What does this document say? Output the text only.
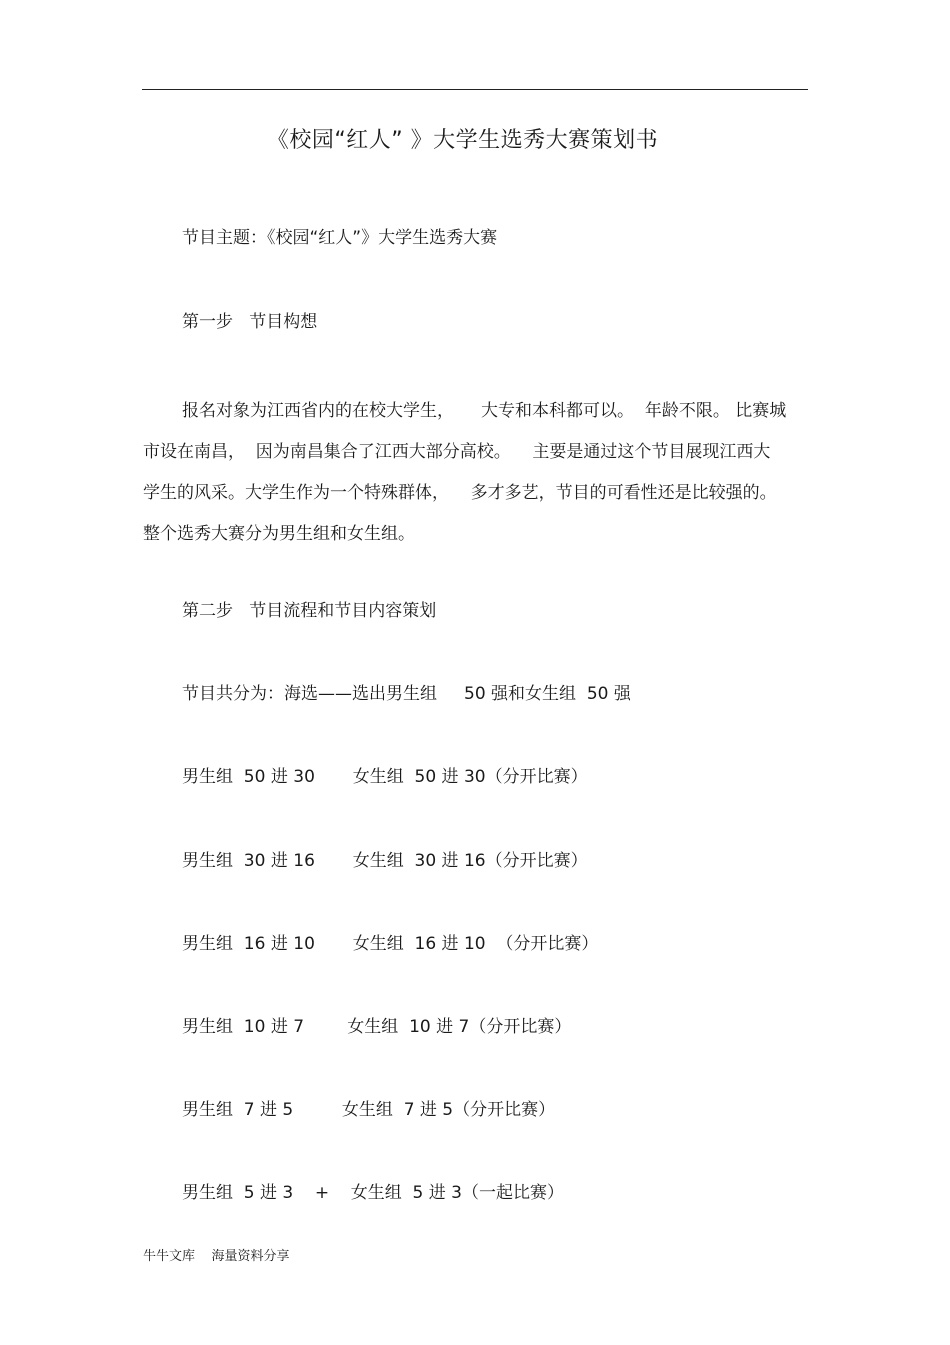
《校园“红人” 》大学生选秀大赛策划书
节目主题：《校园“红人”》大学生选秀大赛
第一步   节目构想
报名对象为江西省内的在校大学生，     大专和本科都可以。  年龄不限。 比赛城
市设在南昌，  因为南昌集合了江西大部分高校。    主要是通过这个节目展现江西大
学生的风采。大学生作为一个特殊群体，    多才多艺，节目的可看性还是比较强的。
整个选秀大赛分为男生组和女生组。
第二步   节目流程和节目内容策划
节目共分为：海选——选出男生组     50 强和女生组  50 强
男生组  50 进 30       女生组  50 进 30（分开比赛）
男生组  30 进 16       女生组  30 进 16（分开比赛）
男生组  16 进 10       女生组  16 进 10  （分开比赛）
男生组  10 进 7        女生组  10 进 7（分开比赛）
男生组  7 进 5         女生组  7 进 5（分开比赛）
男生组  5 进 3    +    女生组  5 进 3（一起比赛）
牛牛文库    海量资料分享
